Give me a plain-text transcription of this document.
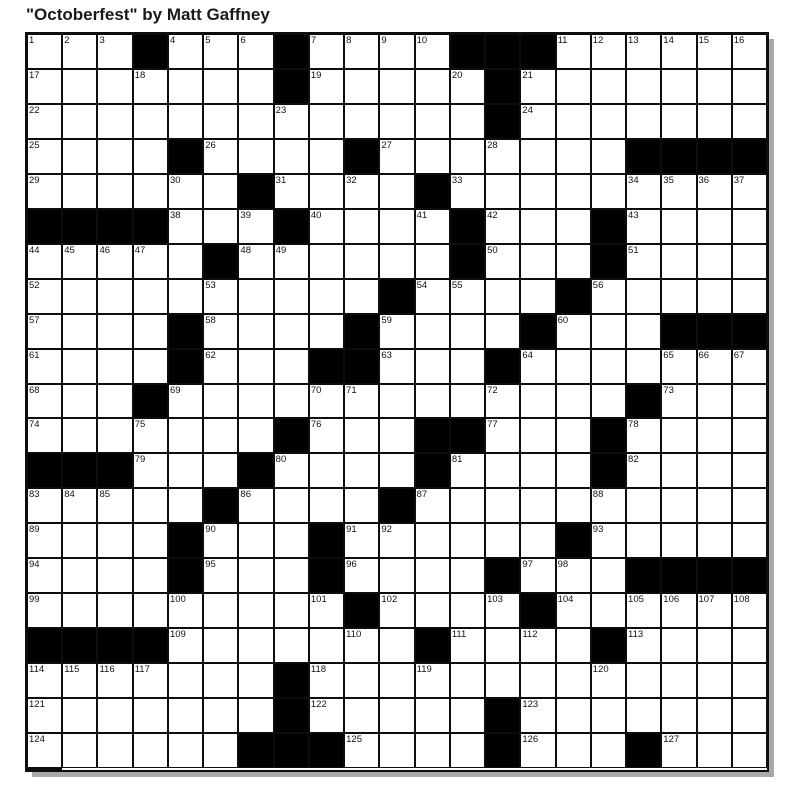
"Octoberfest" by Matt Gaffney
1	2	3	4	5	6	7	8	9	10	11	12	13	14	15	16
17	18	19	20	21
22	23	24
25	26	27	28
29	30	31	32	33	34	35	36	37
38	39	40	41	42	43
44	45	46	47	48	49	50	51
52	53	54	55	56
57	58	59	60
61	62	63	64	65	66	67
68	69	70	71	72	73
74	75	76	77	78
79	80	81	82
83	84	85	86	87	88
89	90	91	92	93
94	95	96	97	98
99	100	101	102	103	104	105 106 107 108
109	110	111	112	113
114 115 116 117	118	119	120
121	122	123
124	125	126	127
